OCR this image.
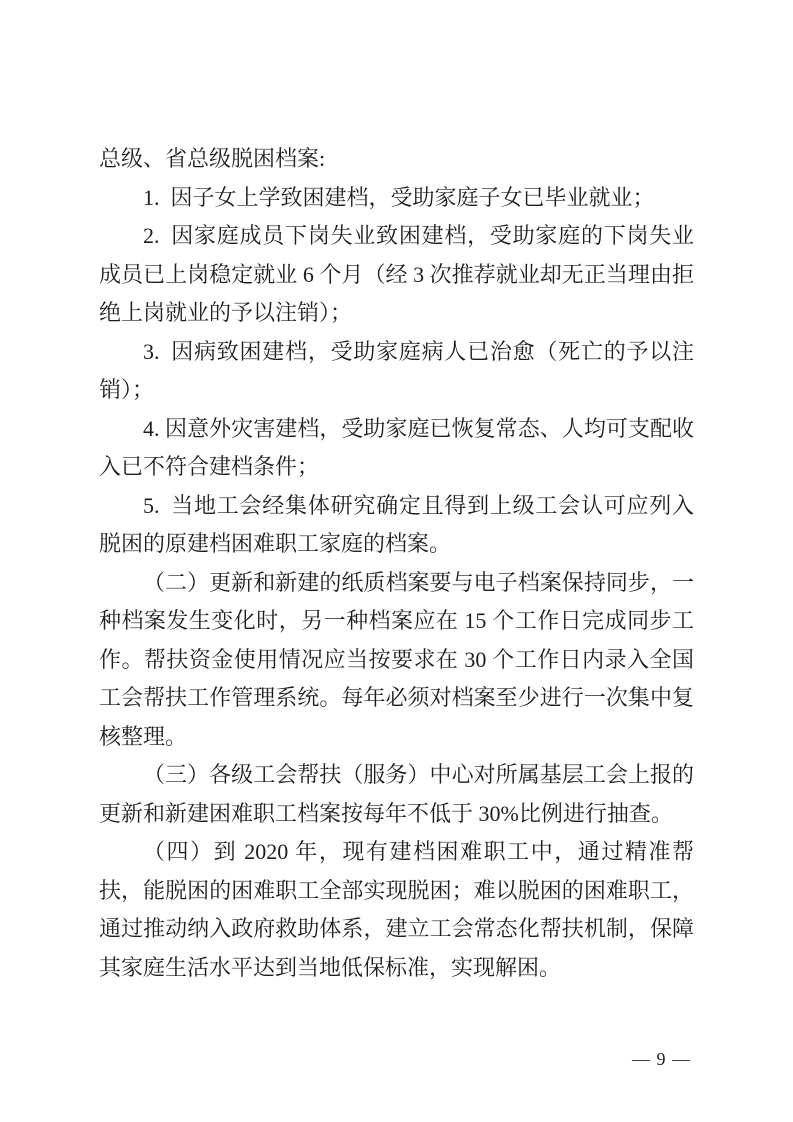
总级、省总级脱困档案:

1. 因子女上学致困建档，受助家庭子女已毕业就业；

2. 因家庭成员下岗失业致困建档，受助家庭的下岗失业成员已上岗稳定就业 6 个月（经 3 次推荐就业却无正当理由拒绝上岗就业的予以注销）；

3. 因病致困建档，受助家庭病人已治愈（死亡的予以注销）；

4. 因意外灾害建档，受助家庭已恢复常态、人均可支配收入已不符合建档条件；

5. 当地工会经集体研究确定且得到上级工会认可应列入脱困的原建档困难职工家庭的档案。

（二）更新和新建的纸质档案要与电子档案保持同步，一种档案发生变化时，另一种档案应在 15 个工作日完成同步工作。帮扶资金使用情况应当按要求在 30 个工作日内录入全国工会帮扶工作管理系统。每年必须对档案至少进行一次集中复核整理。

（三）各级工会帮扶（服务）中心对所属基层工会上报的更新和新建困难职工档案按每年不低于 30%比例进行抽查。

（四）到 2020 年，现有建档困难职工中，通过精准帮扶，能脱困的困难职工全部实现脱困；难以脱困的困难职工，通过推动纳入政府救助体系，建立工会常态化帮扶机制，保障其家庭生活水平达到当地低保标准，实现解困。

— 9 —
